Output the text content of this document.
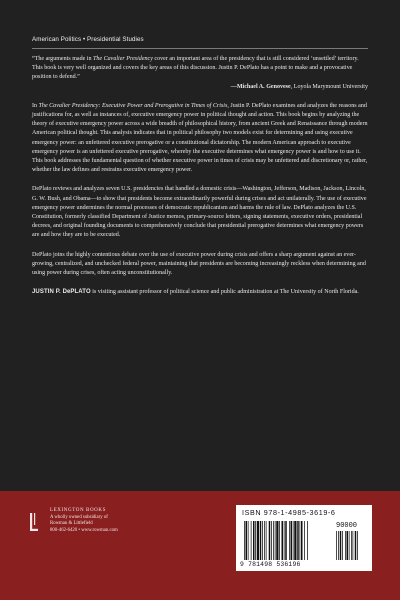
American Politics • Presidential Studies
“The arguments made in The Cavalier Presidency cover an important area of the presidency that is still considered ‘unsettled’ territory. This book is very well organized and covers the key areas of this discussion. Justin P. DePlato has a point to make and a provocative position to defend.”
—Michael A. Genovese, Loyola Marymount University

In The Cavalier Presidency: Executive Power and Prerogative in Times of Crisis, Justin P. DePlato examines and analyzes the reasons and justifications for, as well as instances of, executive emergency power in political thought and action. This book begins by analyzing the theory of executive emergency power across a wide breadth of philosophical history, from ancient Greek and Renaissance through modern American political thought. This analysis indicates that in political philosophy two models exist for determining and using executive emergency power: an unfettered executive prerogative or a constitutional dictatorship. The modern American approach to executive emergency power is an unfettered executive prerogative, whereby the executive determines what emergency power is and how to use it. This book addresses the fundamental question of whether executive power in times of crisis may be unfettered and discretionary or, rather, whether the law defines and restrains executive emergency power.

DePlato reviews and analyzes seven U.S. presidencies that handled a domestic crisis—Washington, Jefferson, Madison, Jackson, Lincoln, G. W. Bush, and Obama—to show that presidents become extraordinarily powerful during crises and act unilaterally. The use of executive emergency power undermines the normal processes of democratic republicanism and harms the rule of law. DePlato analyzes the U.S. Constitution, formerly classified Department of Justice memos, primary-source letters, signing statements, executive orders, presidential decrees, and original founding documents to comprehensively conclude that presidential prerogative determines what emergency powers are and how they are to be executed.

DePlato joins the highly contentious debate over the use of executive power during crisis and offers a sharp argument against an ever-growing, centralized, and unchecked federal power, maintaining that presidents are becoming increasingly reckless when determining and using power during crises, often acting unconstitutionally.

JUSTIN P. DePLATO is visiting assistant professor of political science and public administration at The University of North Florida.

LEXINGTON BOOKS
A wholly owned subsidiary of
Rowman & Littlefield
800-462-6420 • www.rowman.com
ISBN 978-1-4985-3619-6
90000
9 781498 536196
